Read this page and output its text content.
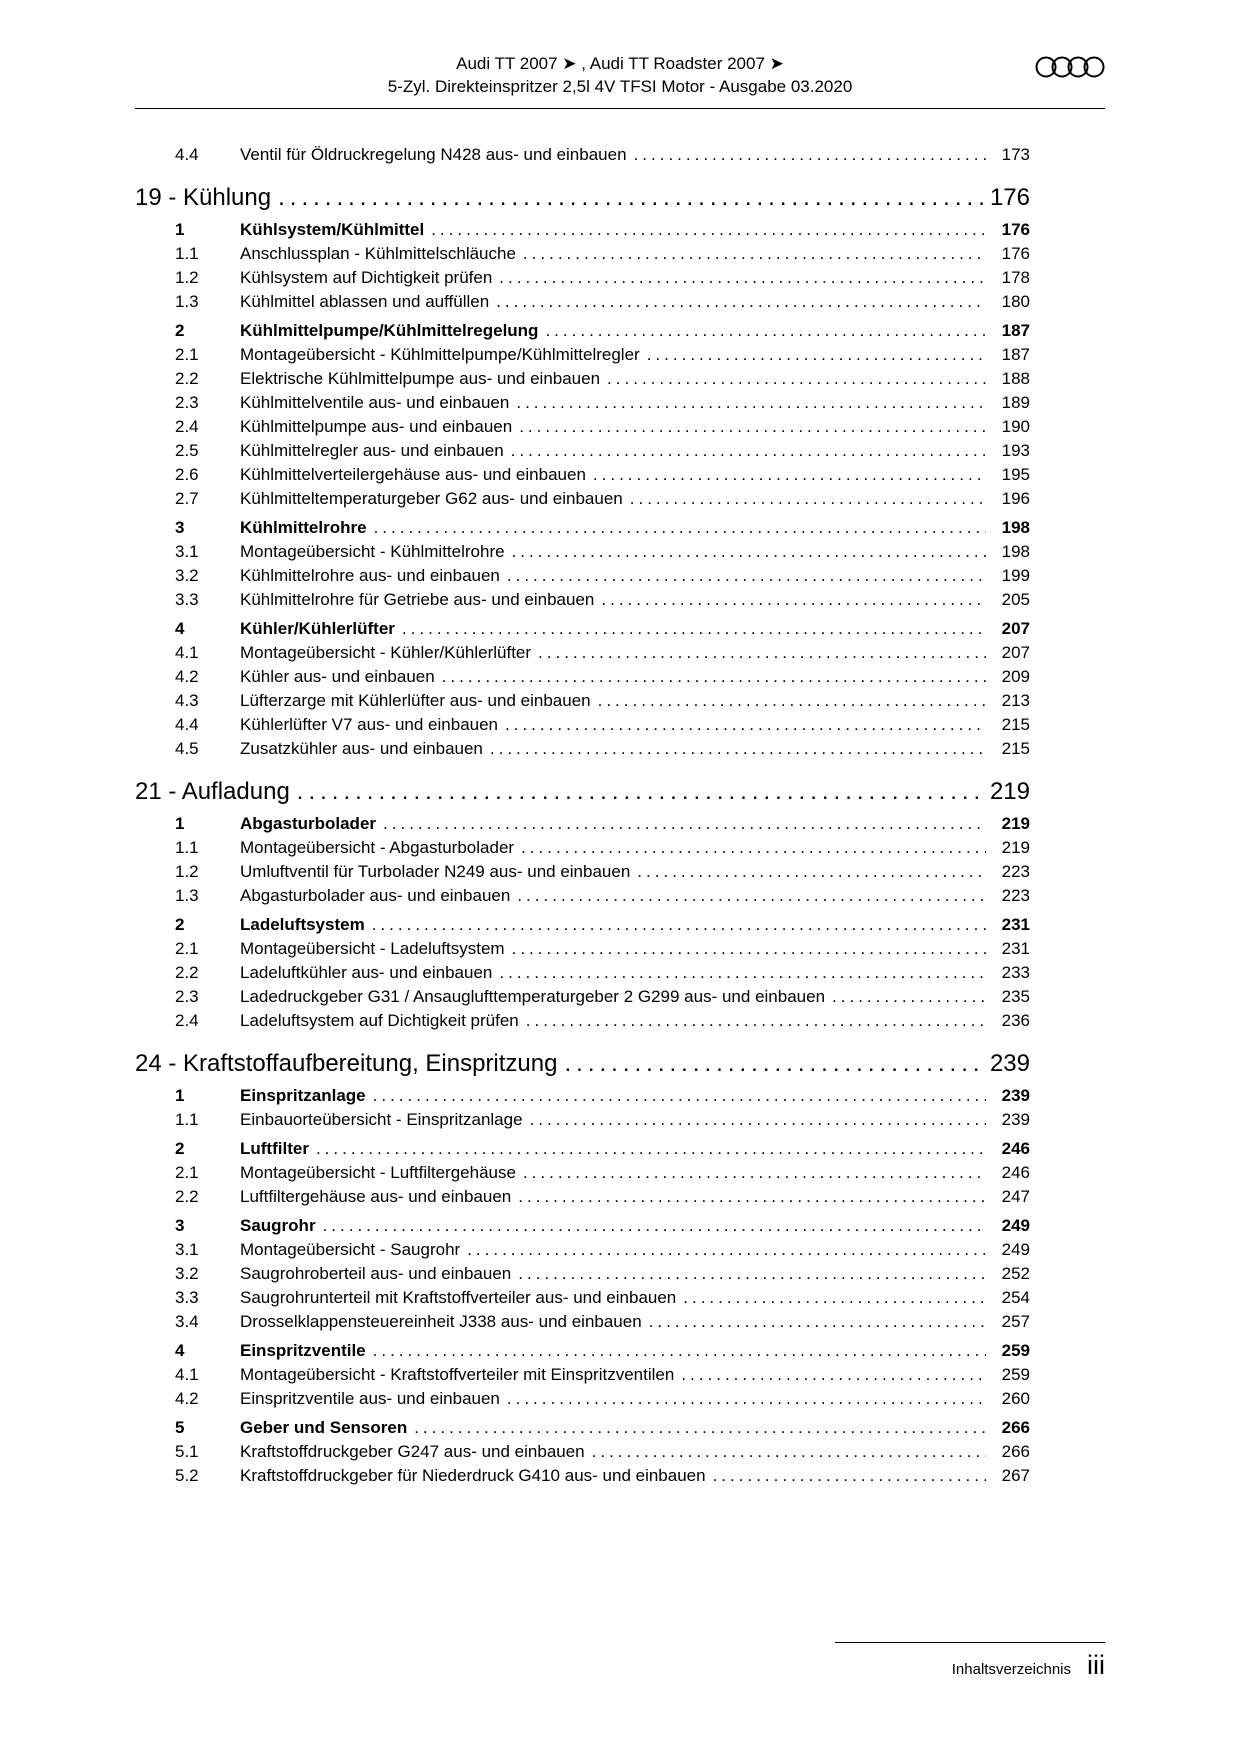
Audi TT 2007 ➤ , Audi TT Roadster 2007 ➤
5-Zyl. Direkteinspritzer 2,5l 4V TFSI Motor - Ausgabe 03.2020
4.4	Ventil für Öldruckregelung N428 aus- und einbauen .....	173
19 - Kühlung .....	176
1	Kühlsystem/Kühlmittel .....	176
1.1	Anschlussplan - Kühlmittelschläuche .....	176
1.2	Kühlsystem auf Dichtigkeit prüfen .....	178
1.3	Kühlmittel ablassen und auffüllen .....	180
2	Kühlmittelpumpe/Kühlmittelregelung .....	187
2.1	Montageübersicht - Kühlmittelpumpe/Kühlmittelregler .....	187
2.2	Elektrische Kühlmittelpumpe aus- und einbauen .....	188
2.3	Kühlmittelventile aus- und einbauen .....	189
2.4	Kühlmittelpumpe aus- und einbauen .....	190
2.5	Kühlmittelregler aus- und einbauen .....	193
2.6	Kühlmittelverteilergehäuse aus- und einbauen .....	195
2.7	Kühlmitteltemperaturgeber G62 aus- und einbauen .....	196
3	Kühlmittelrohre .....	198
3.1	Montageübersicht - Kühlmittelrohre .....	198
3.2	Kühlmittelrohre aus- und einbauen .....	199
3.3	Kühlmittelrohre für Getriebe aus- und einbauen .....	205
4	Kühler/Kühlerlüfter .....	207
4.1	Montageübersicht - Kühler/Kühlerlüfter .....	207
4.2	Kühler aus- und einbauen .....	209
4.3	Lüfterzarge mit Kühlerlüfter aus- und einbauen .....	213
4.4	Kühlerlüfter V7 aus- und einbauen .....	215
4.5	Zusatzkühler aus- und einbauen .....	215
21 - Aufladung .....	219
1	Abgasturbolader .....	219
1.1	Montageübersicht - Abgasturbolader .....	219
1.2	Umluftventil für Turbolader N249 aus- und einbauen .....	223
1.3	Abgasturbolader aus- und einbauen .....	223
2	Ladeluftsystem .....	231
2.1	Montageübersicht - Ladeluftsystem .....	231
2.2	Ladeluftkühler aus- und einbauen .....	233
2.3	Ladedruckgeber G31 / Ansauglufttemperaturgeber 2 G299 aus- und einbauen .....	235
2.4	Ladeluftsystem auf Dichtigkeit prüfen .....	236
24 - Kraftstoffaufbereitung, Einspritzung .....	239
1	Einspritzanlage .....	239
1.1	Einbauorteübersicht - Einspritzanlage .....	239
2	Luftfilter .....	246
2.1	Montageübersicht - Luftfiltergehäuse .....	246
2.2	Luftfiltergehäuse aus- und einbauen .....	247
3	Saugrohr .....	249
3.1	Montageübersicht - Saugrohr .....	249
3.2	Saugrohroberteil aus- und einbauen .....	252
3.3	Saugrohrunterteil mit Kraftstoffverteiler aus- und einbauen .....	254
3.4	Drosselklappensteuereinheit J338 aus- und einbauen .....	257
4	Einspritzventile .....	259
4.1	Montageübersicht - Kraftstoffverteiler mit Einspritzventilen .....	259
4.2	Einspritzventile aus- und einbauen .....	260
5	Geber und Sensoren .....	266
5.1	Kraftstoffdruckgeber G247 aus- und einbauen .....	266
5.2	Kraftstoffdruckgeber für Niederdruck G410 aus- und einbauen .....	267
Inhaltsverzeichnis iii
